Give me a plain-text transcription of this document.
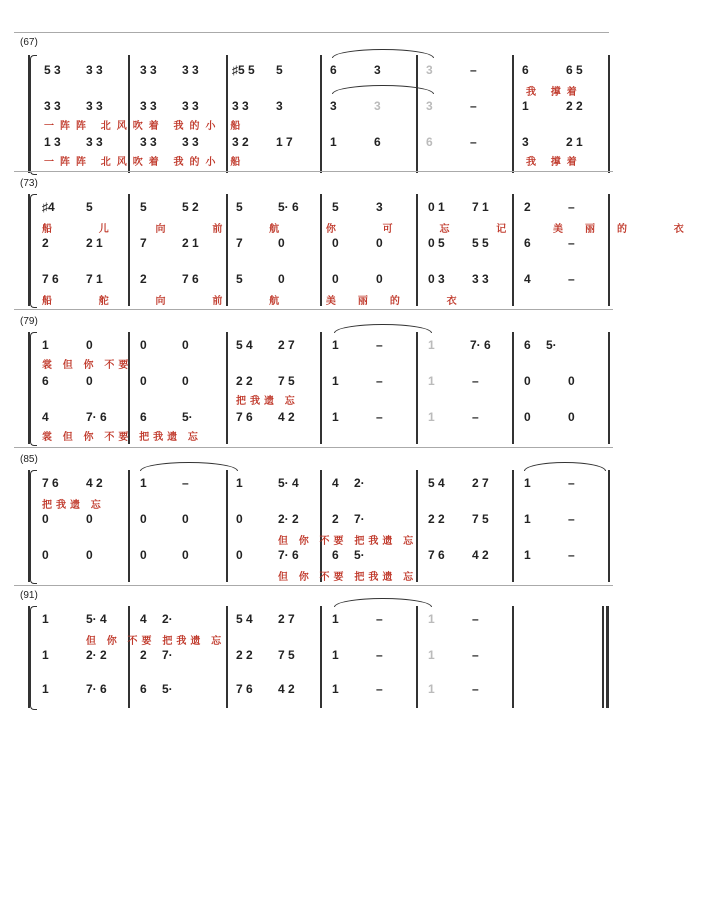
(67)
5 3 3 3	3 3 3 3	♯5 5 5	6	3	3	–	6	6 5
我 撑着
3 3 3 3	3 3 3 3	3 3 3	3	3	3	–	1	2 2
一阵阵 北风吹着 我的小 船
1 3 3 3	3 3 3 3	3 2 1 7	1	6	6	–	3	2 1
一阵阵 北风吹着 我的小 船	我 撑着
(73)
♯4	5	5	5 2	5	5· 6	5	3	0 1 7 1	2	–
船 儿 向 前 航 你 可 忘 记 美丽的 衣
2	2 1	7	2 1	7	0	0	0	0 5 5 5	6	–
7 6 7 1	2	7 6	5	0	0	0	0 3 3 3	4	–
船 舵 向 前 航 美丽的 衣
(79)
1	0	0	0	5 4 2 7	1	–	1	7· 6	6 5·
裳 但 你 不要
6	0	0	0	2 2 7 5	1	–	1	–	0	0
把我遗 忘
4	7· 6	6	5·	7 6 4 2	1	–	1	–	0	0
裳 但 你 不要 把我遗 忘
(85)
7 6 4 2	1	–	1	5· 4	4 2·	5 4 2 7	1	–
把我遗 忘
0	0	0	0	0	2· 2	2 7·	2 2 7 5	1	–
但 你 不要 把我遗 忘
0	0	0	0	0	7· 6	6 5·	7 6 4 2	1	–
但 你 不要 把我遗 忘
(91)
1	5· 4	4 2·	5 4 2 7	1	–	1	–
但 你 不要 把我遗 忘
1	2· 2	2 7·	2 2 7 5	1	–	1	–
1	7· 6	6 5·	7 6 4 2	1	–	1	–
